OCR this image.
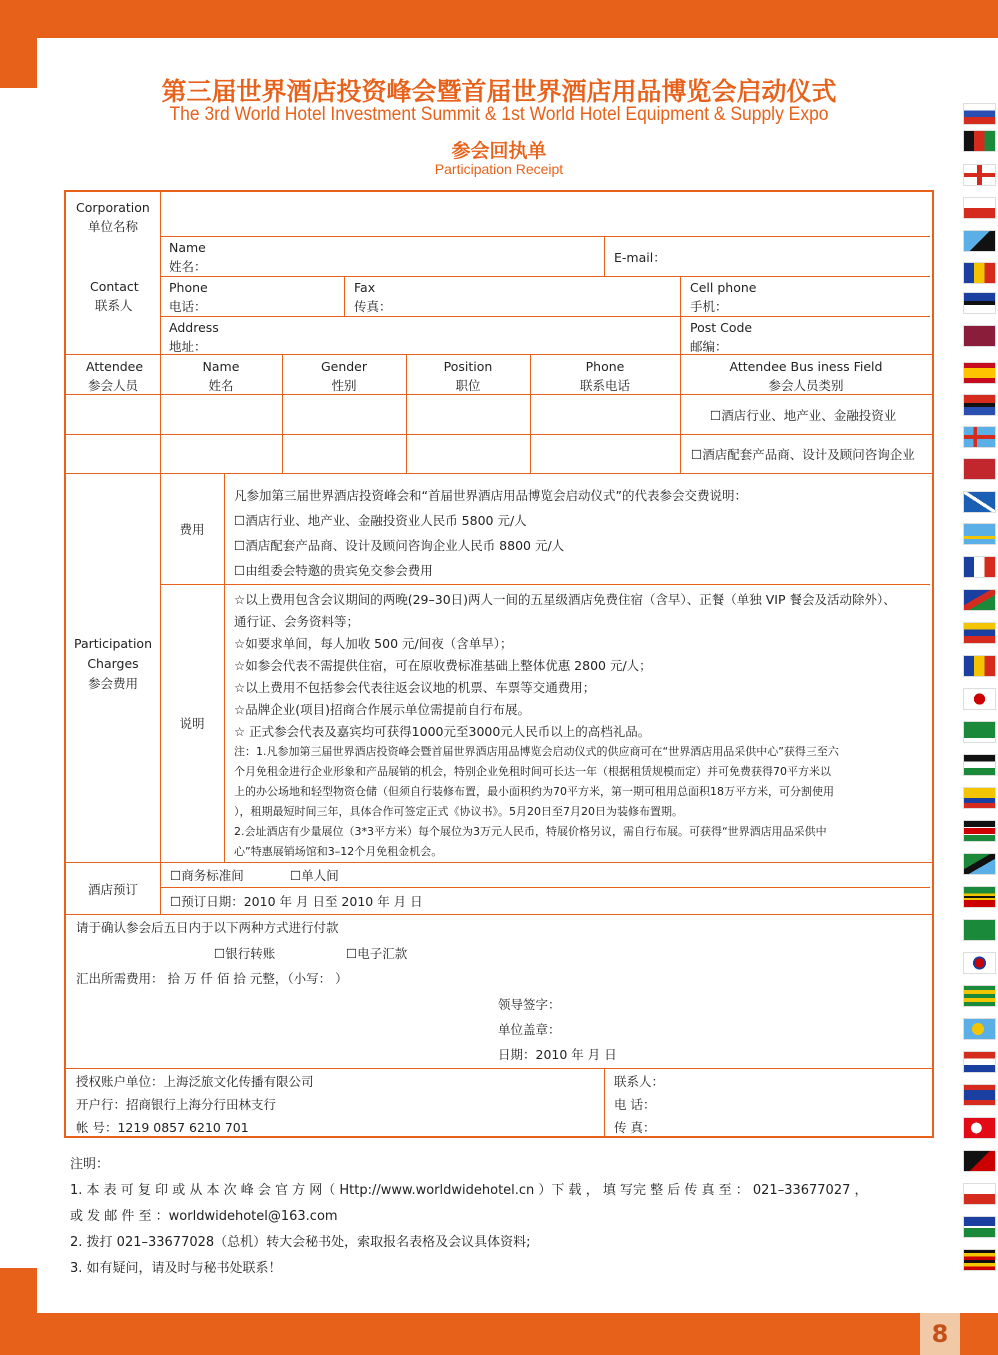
8
第三届世界酒店投资峰会暨首届世界酒店用品博览会启动仪式
The 3rd World Hotel Investment Summit & 1st World Hotel Equipment & Supply Expo
参会回执单
Participation Receipt
Corporation
单位名称
Contact
联系人
Name
姓名：
E-mail：
Phone
电话：
Fax
传真：
Cell phone
手机：
Address
地址：
Post Code
邮编：
Attendee
参会人员
Name
姓名
Gender
性别
Position
职位
Phone
联系电话
Attendee Bus iness Field
参会人员类别
☐酒店行业、地产业、金融投资业
☐酒店配套产品商、设计及顾问咨询企业
Participation
Charges
参会费用
费用
凡参加第三届世界酒店投资峰会和“首届世界酒店用品博览会启动仪式”的代表参会交费说明：
☐酒店行业、地产业、金融投资业人民币 5800 元/人
☐酒店配套产品商、设计及顾问咨询企业人民币 8800 元/人
☐由组委会特邀的贵宾免交参会费用
说明
☆以上费用包含会议期间的两晚(29–30日)两人一间的五星级酒店免费住宿（含早）、正餐（单独 VIP 餐会及活动除外）、
通行证、会务资料等；
☆如要求单间，每人加收 500 元/间夜（含单早）；
☆如参会代表不需提供住宿，可在原收费标准基础上整体优惠 2800 元/人；
☆以上费用不包括参会代表往返会议地的机票、车票等交通费用；
☆品牌企业(项目)招商合作展示单位需提前自行布展。
☆ 正式参会代表及嘉宾均可获得1000元至3000元人民币以上的高档礼品。
注：1.凡参加第三届世界酒店投资峰会暨首届世界酒店用品博览会启动仪式的供应商可在“世界酒店用品采供中心”获得三至六
个月免租金进行企业形象和产品展销的机会，特别企业免租时间可长达一年（根据租赁规模而定）并可免费获得70平方米以
上的办公场地和轻型物资仓储（但须自行装修布置，最小面积约为70平方米，第一期可租用总面积18万平方米，可分割使用
），租期最短时间三年，具体合作可签定正式《协议书》。5月20日至7月20日为装修布置期。
2.会址酒店有少量展位（3*3平方米）每个展位为3万元人民币，特展价格另议，需自行布展。可获得“世界酒店用品采供中
心”特惠展销场馆和3–12个月免租金机会。
酒店预订
☐商务标准间	☐单人间
☐预订日期：2010 年 月 日至 2010 年 月 日
请于确认参会后五日内于以下两种方式进行付款
☐银行转账	☐电子汇款
汇出所需费用： 拾 万 仟 佰 拾 元整，（小写： ）
领导签字：
单位盖章：
日期：2010 年 月 日
授权账户单位：上海泛旅文化传播有限公司
开户行：招商银行上海分行田林支行
帐 号：1219 0857 6210 701
联系人：
电 话：
传 真：
注明：
1. 本 表 可 复 印 或 从 本 次 峰 会 官 方 网（ Http://www.worldwidehotel.cn ）下 载 ， 填 写完 整 后 传 真 至 ： 021–33677027 ，
或 发 邮 件 至 ：worldwidehotel@163.com
2. 拨打 021–33677028（总机）转大会秘书处，索取报名表格及会议具体资料;
3. 如有疑问，请及时与秘书处联系！
